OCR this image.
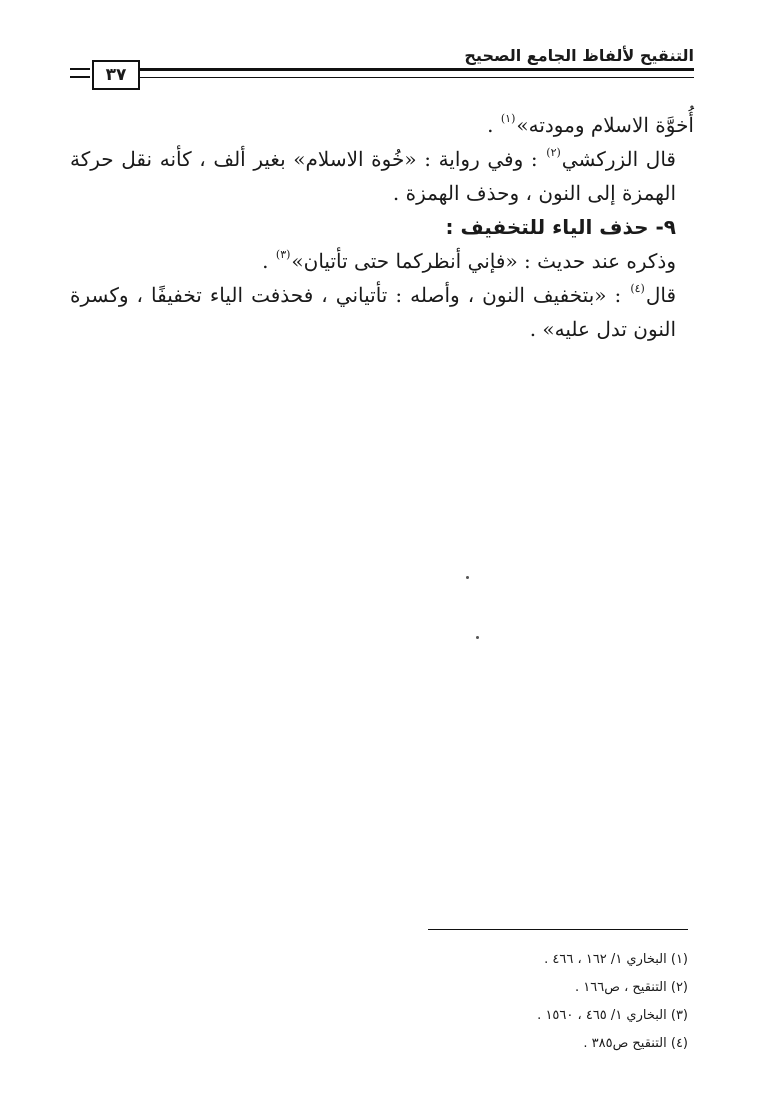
التنقيح لألفاظ الجامع الصحيح
٣٧

أُخوَّة الاسلام ومودته»$^{(١)}$ .

قال الزركشي$^{(٢)}$ : وفي رواية : «خُوة الاسلام» بغير ألف ، كأنه نقل حركة الهمزة إلى النون ، وحذف الهمزة .

٩- حذف الياء للتخفيف :

وذكره عند حديث : «فإني أنظركما حتى تأتيان»$^{(٣)}$ .

قال$^{(٤)}$ : «بتخفيف النون ، وأصله : تأتياني ، فحذفت الياء تخفيفًا ، وكسرة النون تدل عليه» .

(١) البخاري ١/ ١٦٢ ، ٤٦٦ .
(٢) التنقيح ، ص١٦٦ .
(٣) البخاري ١/ ٤٦٥ ، ١٥٦٠ .
(٤) التنقيح ص٣٨٥ .
